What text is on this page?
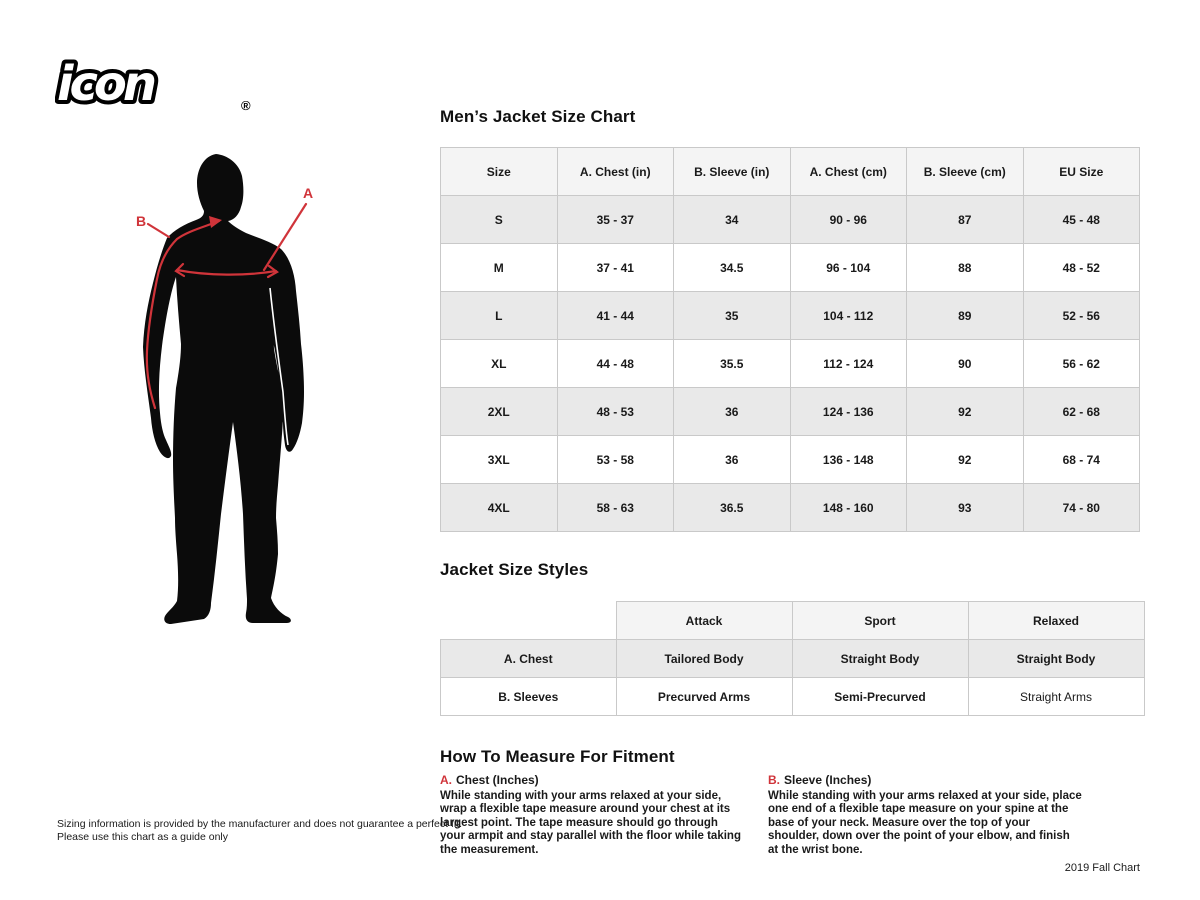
icon	®
B
A
Men’s Jacket Size Chart
Size	A. Chest (in)	B. Sleeve (in)	A. Chest (cm)	B. Sleeve (cm)	EU Size
S	35 - 37	34	90 - 96	87	45 - 48
M	37 - 41	34.5	96 - 104	88	48 - 52
L	41 - 44	35	104 - 112	89	52 - 56
XL	44 - 48	35.5	112 - 124	90	56 - 62
2XL	48 - 53	36	124 - 136	92	62 - 68
3XL	53 - 58	36	136 - 148	92	68 - 74
4XL	58 - 63	36.5	148 - 160	93	74 - 80
Jacket Size Styles
	Attack	Sport	Relaxed
A. Chest	Tailored Body	Straight Body	Straight Body
B. Sleeves	Precurved Arms	Semi-Precurved	Straight Arms
How To Measure For Fitment
A. Chest (Inches)
While standing with your arms relaxed at your side, wrap a flexible tape measure around your chest at its largest point. The tape measure should go through your armpit and stay parallel with the floor while taking the measurement.
B. Sleeve (Inches)
While standing with your arms relaxed at your side, place one end of a flexible tape measure on your spine at the base of your neck. Measure over the top of your shoulder, down over the point of your elbow, and finish at the wrist bone.
Sizing information is provided by the manufacturer and does not guarantee a perfect fit.
Please use this chart as a guide only
2019 Fall Chart
